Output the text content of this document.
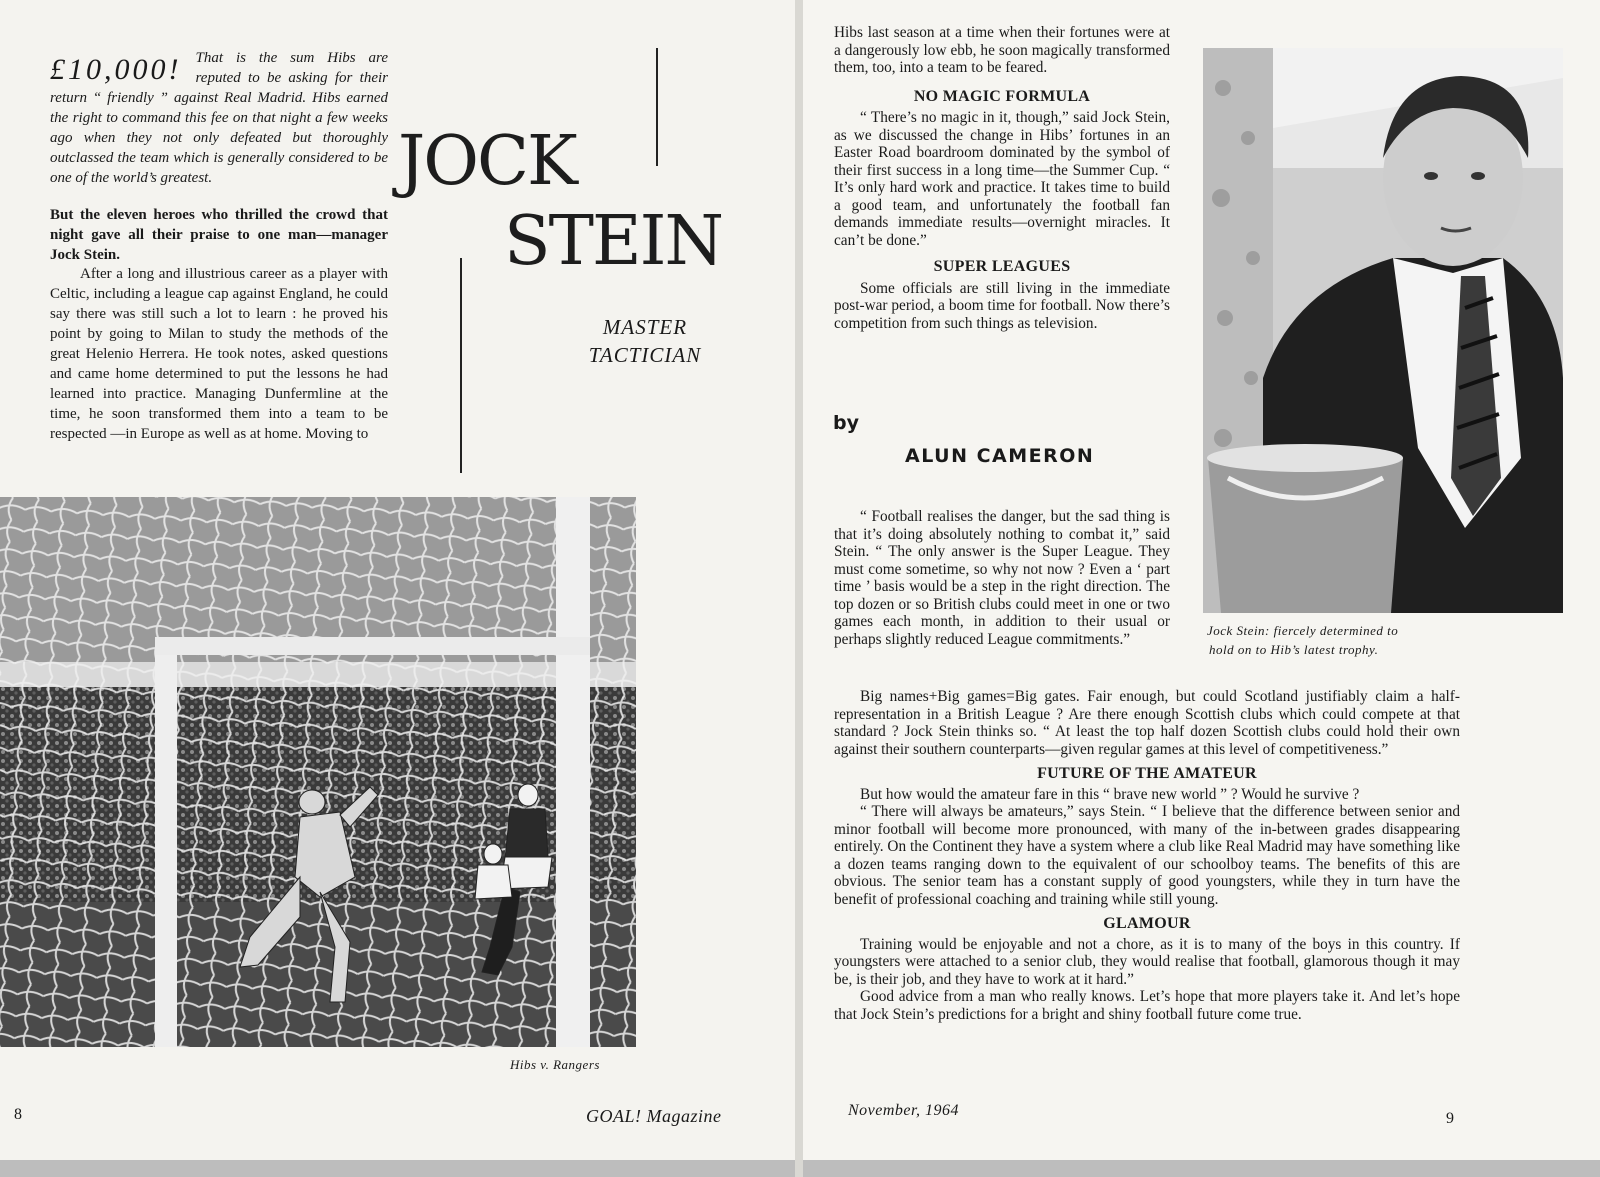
£10,000! That is the sum Hibs are reputed to be asking for their return “ friendly ” against Real Madrid. Hibs earned the right to command this fee on that night a few weeks ago when they not only defeated but thoroughly outclassed the team which is generally considered to be one of the world’s greatest.

But the eleven heroes who thrilled the crowd that night gave all their praise to one man—manager Jock Stein.

After a long and illustrious career as a player with Celtic, including a league cap against England, he could say there was still such a lot to learn : he proved his point by going to Milan to study the methods of the great Helenio Herrera. He took notes, asked questions and came home determined to put the lessons he had learned into practice. Managing Dunfermline at the time, he soon transformed them into a team to be respected —in Europe as well as at home. Moving to

JOCK
STEIN
MASTER
TACTICIAN
Hibs v. Rangers
8	GOAL! Magazine

Hibs last season at a time when their fortunes were at a dangerously low ebb, he soon magically transformed them, too, into a team to be feared.

NO MAGIC FORMULA

“ There’s no magic in it, though,” said Jock Stein, as we discussed the change in Hibs’ fortunes in an Easter Road boardroom dominated by the symbol of their first success in a long time—the Summer Cup. “ It’s only hard work and practice. It takes time to build a good team, and unfortunately the football fan demands immediate results—overnight miracles. It can’t be done.”

SUPER LEAGUES

Some officials are still living in the immediate post-war period, a boom time for football. Now there’s competition from such things as television.

by
ALUN CAMERON

“ Football realises the danger, but the sad thing is that it’s doing absolutely nothing to combat it,” said Stein. “ The only answer is the Super League. They must come sometime, so why not now ? Even a ‘ part time ’ basis would be a step in the right direction. The top dozen or so British clubs could meet in one or two games each month, in addition to their usual or perhaps slightly reduced League commitments.”	Jock Stein: fiercely determined to
hold on to Hib’s latest trophy.

Big names+Big games=Big gates. Fair enough, but could Scotland justifiably claim a half-representation in a British League ? Are there enough Scottish clubs which could compete at that standard ? Jock Stein thinks so. “ At least the top half dozen Scottish clubs could hold their own against their southern counterparts—given regular games at this level of competitiveness.”

FUTURE OF THE AMATEUR

But how would the amateur fare in this “ brave new world ” ? Would he survive ?

“ There will always be amateurs,” says Stein. “ I believe that the difference between senior and minor football will become more pronounced, with many of the in-between grades disappearing entirely. On the Continent they have a system where a club like Real Madrid may have something like a dozen teams ranging down to the equivalent of our schoolboy teams. The benefits of this are obvious. The senior team has a constant supply of good youngsters, while they in turn have the benefit of professional coaching and training while still young.

GLAMOUR

Training would be enjoyable and not a chore, as it is to many of the boys in this country. If youngsters were attached to a senior club, they would realise that football, glamorous though it may be, is their job, and they have to work at it hard.”

Good advice from a man who really knows. Let’s hope that more players take it. And let’s hope that Jock Stein’s predictions for a bright and shiny football future come true.

November, 1964	9
